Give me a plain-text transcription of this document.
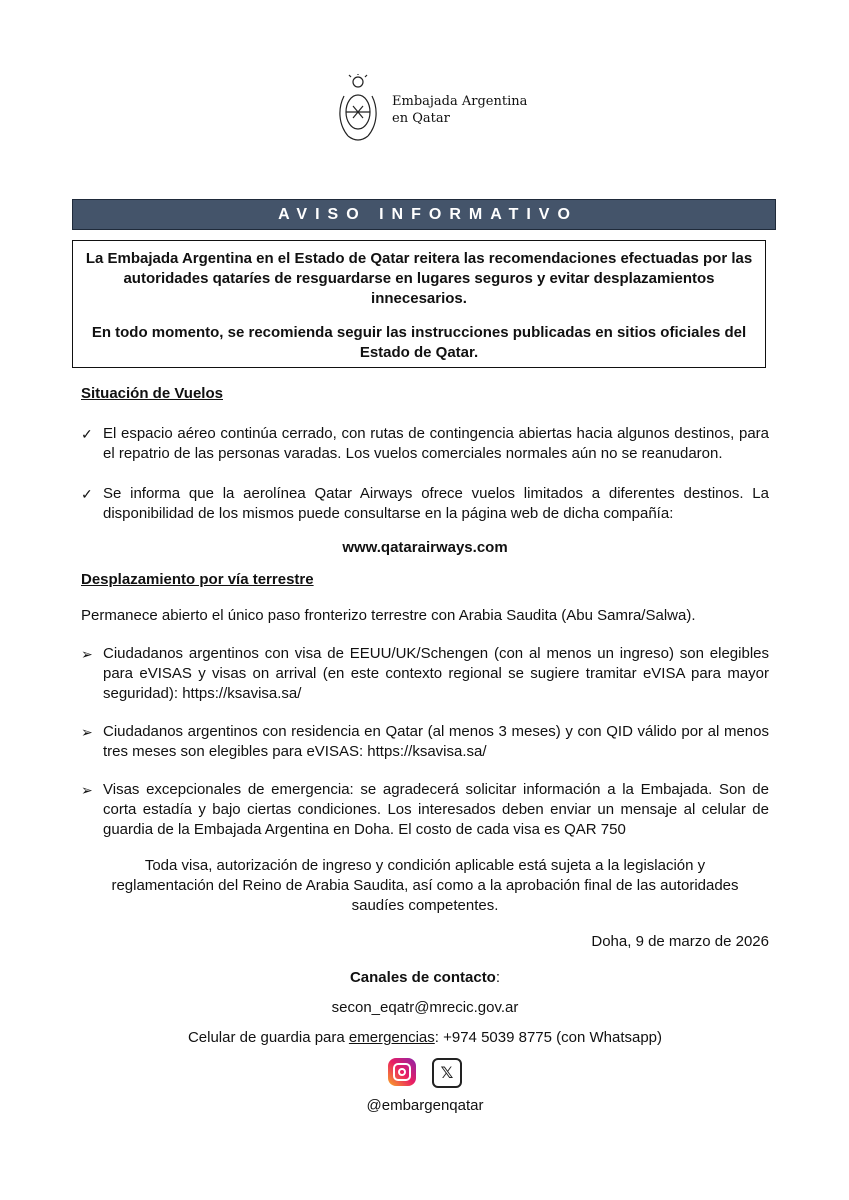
Embajada Argentina
en Qatar
AVISO INFORMATIVO

La Embajada Argentina en el Estado de Qatar reitera las recomendaciones efectuadas por las autoridades qataríes de resguardarse en lugares seguros y evitar desplazamientos innecesarios.

En todo momento, se recomienda seguir las instrucciones publicadas en sitios oficiales del Estado de Qatar.

Situación de Vuelos

✓ El espacio aéreo continúa cerrado, con rutas de contingencia abiertas hacia algunos destinos, para el repatrio de las personas varadas. Los vuelos comerciales normales aún no se reanudaron.
✓ Se informa que la aerolínea Qatar Airways ofrece vuelos limitados a diferentes destinos. La disponibilidad de los mismos puede consultarse en la página web de dicha compañía:

www.qatarairways.com

Desplazamiento por vía terrestre

Permanece abierto el único paso fronterizo terrestre con Arabia Saudita (Abu Samra/Salwa).

➢ Ciudadanos argentinos con visa de EEUU/UK/Schengen (con al menos un ingreso) son elegibles para eVISAS y visas on arrival (en este contexto regional se sugiere tramitar eVISA para mayor seguridad): https://ksavisa.sa/
➢ Ciudadanos argentinos con residencia en Qatar (al menos 3 meses) y con QID válido por al menos tres meses son elegibles para eVISAS: https://ksavisa.sa/
➢ Visas excepcionales de emergencia: se agradecerá solicitar información a la Embajada. Son de corta estadía y bajo ciertas condiciones. Los interesados deben enviar un mensaje al celular de guardia de la Embajada Argentina en Doha. El costo de cada visa es QAR 750

Toda visa, autorización de ingreso y condición aplicable está sujeta a la legislación y reglamentación del Reino de Arabia Saudita, así como a la aprobación final de las autoridades saudíes competentes.

Doha, 9 de marzo de 2026

Canales de contacto:

secon_eqatr@mrecic.gov.ar

Celular de guardia para emergencias: +974 5039 8775 (con Whatsapp)

𝕏

@embargenqatar
